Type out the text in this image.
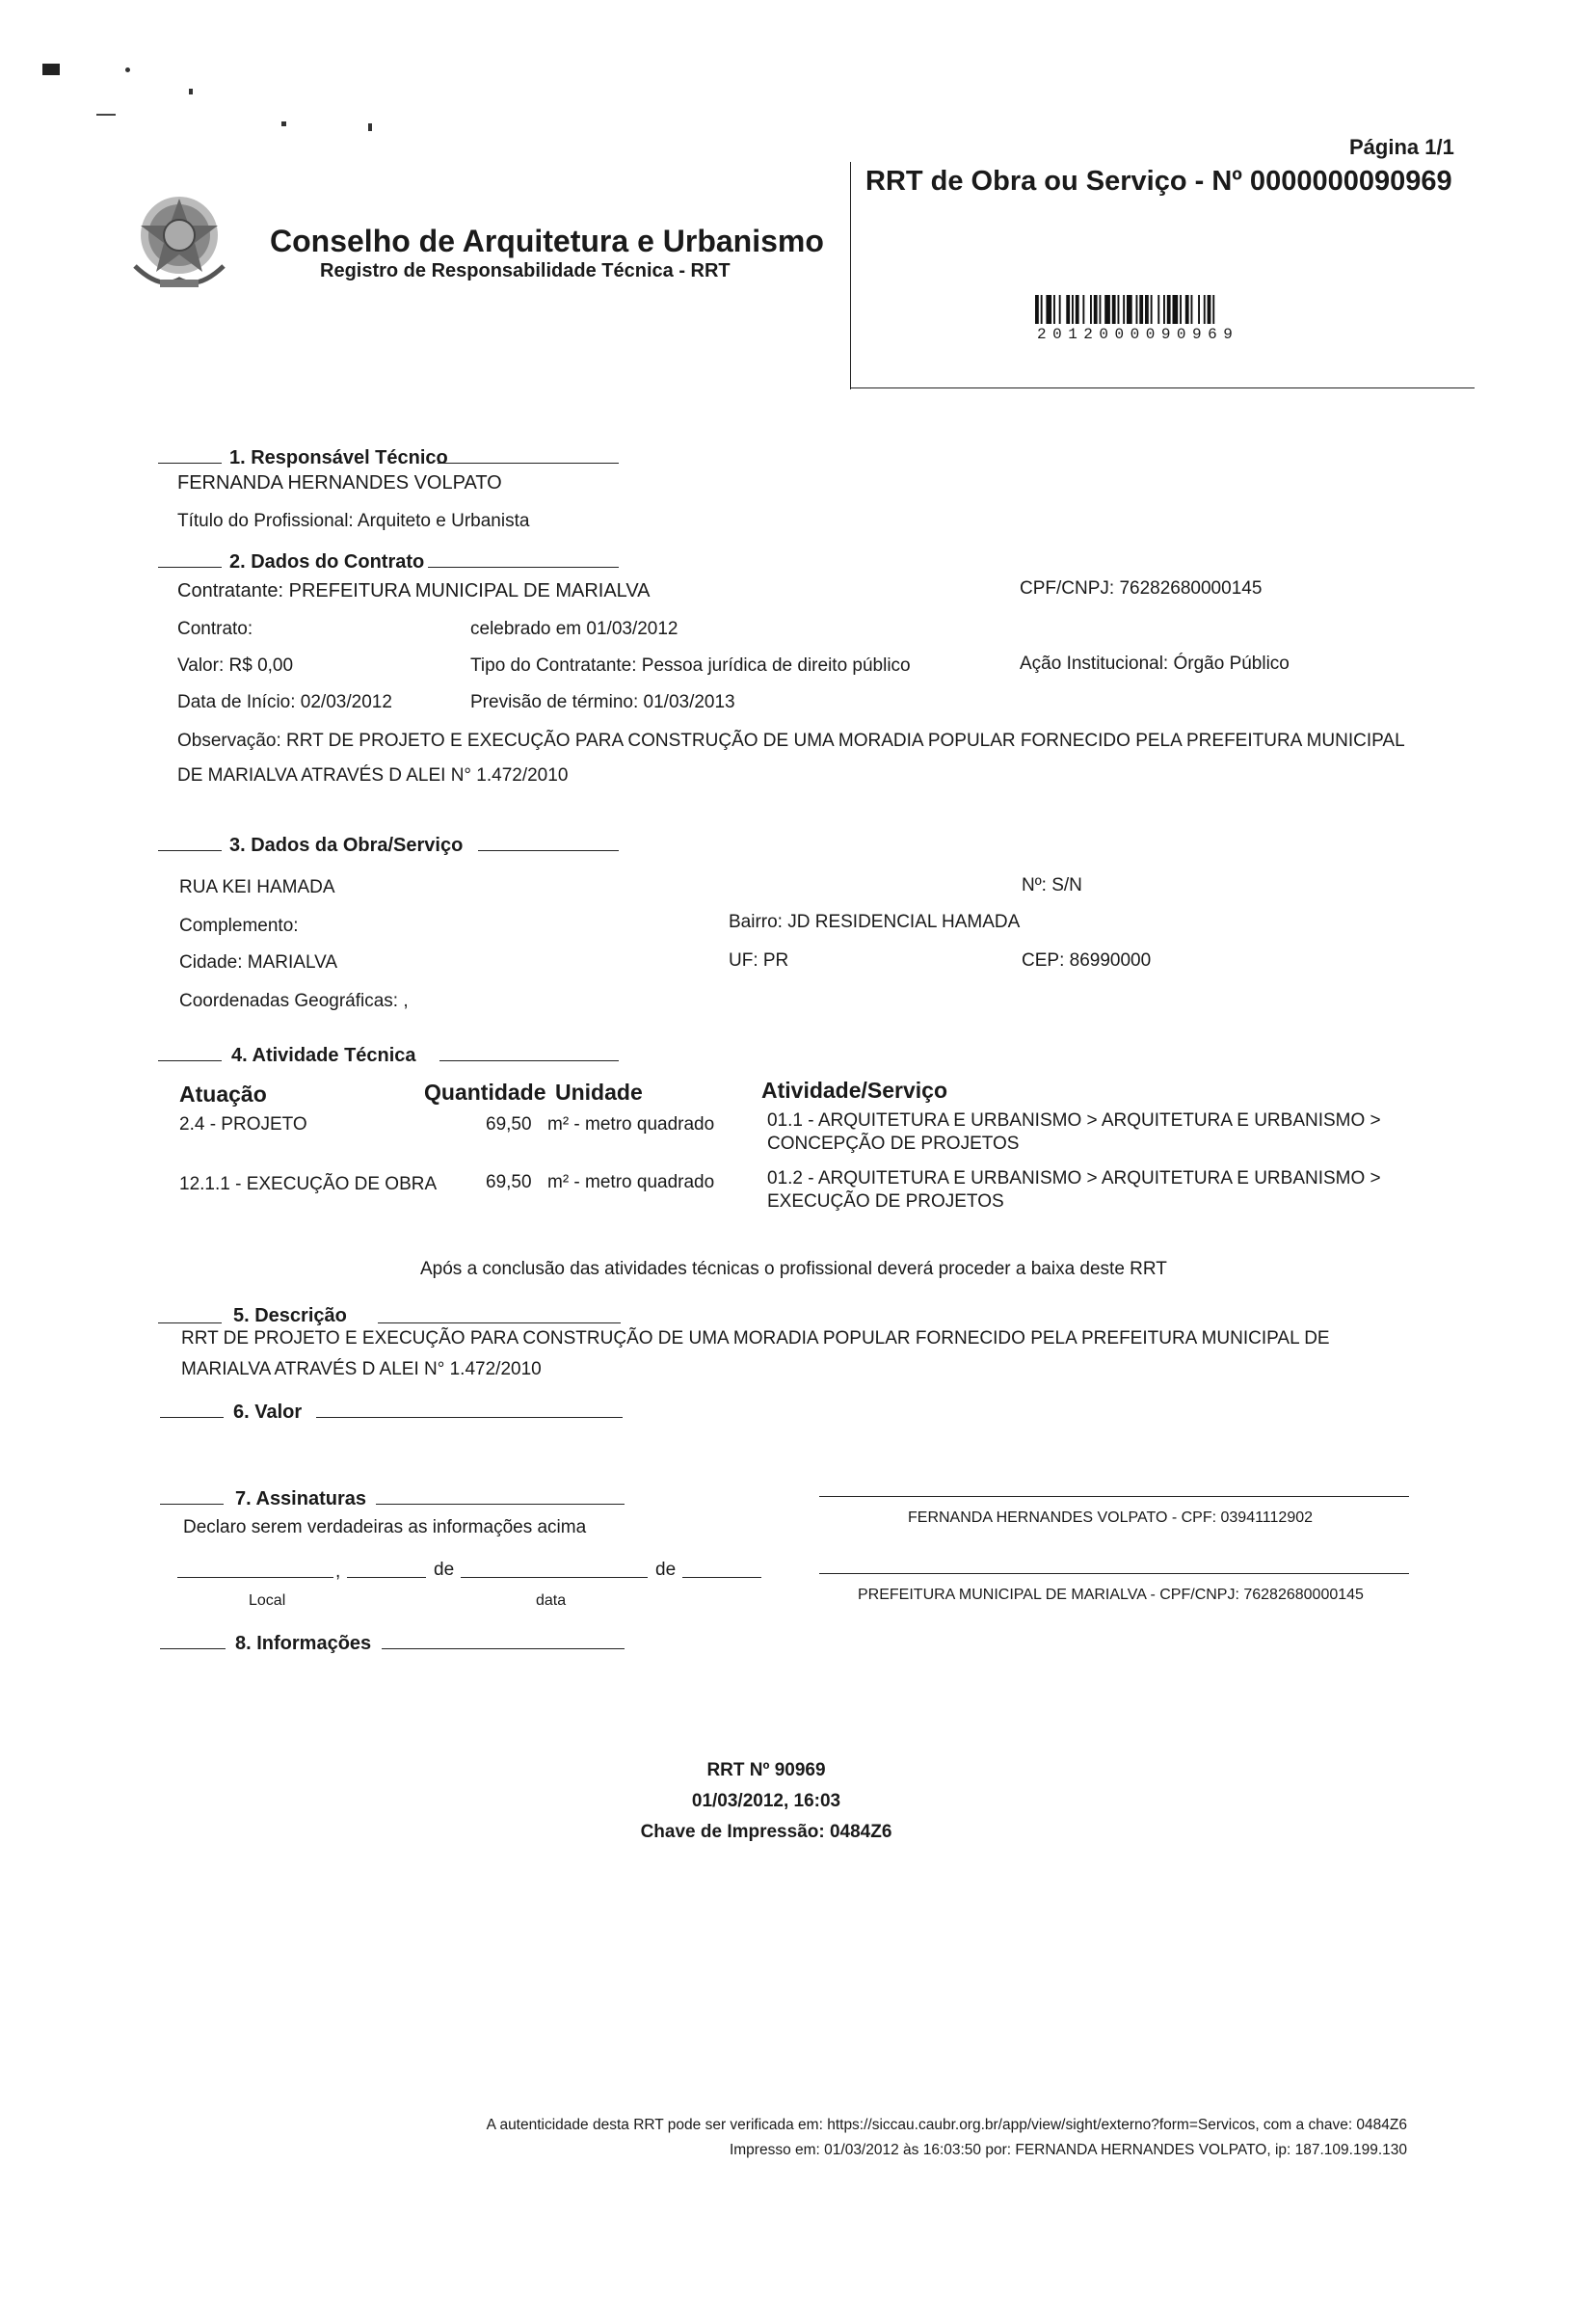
Página 1/1
RRT de Obra ou Serviço - Nº 0000000090969
Conselho de Arquitetura e Urbanismo
Registro de Responsabilidade Técnica - RRT
2012000090969
1. Responsável Técnico
FERNANDA HERNANDES VOLPATO
Título do Profissional: Arquiteto e Urbanista
2. Dados do Contrato
Contratante: PREFEITURA MUNICIPAL DE MARIALVA	CPF/CNPJ: 76282680000145
Contrato:	celebrado em 01/03/2012
Valor: R$ 0,00	Tipo do Contratante: Pessoa jurídica de direito público	Ação Institucional: Órgão Público
Data de Início: 02/03/2012	Previsão de término: 01/03/2013
Observação: RRT DE PROJETO E EXECUÇÃO PARA CONSTRUÇÃO DE UMA MORADIA POPULAR FORNECIDO PELA PREFEITURA MUNICIPAL
DE MARIALVA ATRAVÉS D ALEI N° 1.472/2010
3. Dados da Obra/Serviço
RUA KEI HAMADA	Nº: S/N
Complemento:	Bairro: JD RESIDENCIAL HAMADA
Cidade: MARIALVA	UF: PR	CEP: 86990000
Coordenadas Geográficas: ,
4. Atividade Técnica
Atuação	Quantidade Unidade	Atividade/Serviço
2.4 - PROJETO	69,50 m² - metro quadrado	01.1 - ARQUITETURA E URBANISMO > ARQUITETURA E URBANISMO >
CONCEPÇÃO DE PROJETOS
12.1.1 - EXECUÇÃO DE OBRA	69,50 m² - metro quadrado	01.2 - ARQUITETURA E URBANISMO > ARQUITETURA E URBANISMO >
EXECUÇÃO DE PROJETOS
Após a conclusão das atividades técnicas o profissional deverá proceder a baixa deste RRT
5. Descrição
RRT DE PROJETO E EXECUÇÃO PARA CONSTRUÇÃO DE UMA MORADIA POPULAR FORNECIDO PELA PREFEITURA MUNICIPAL DE
MARIALVA ATRAVÉS D ALEI N° 1.472/2010
6. Valor
7. Assinaturas
Declaro serem verdadeiras as informações acima
,	de	de
Local	data
FERNANDA HERNANDES VOLPATO - CPF: 03941112902
PREFEITURA MUNICIPAL DE MARIALVA - CPF/CNPJ: 76282680000145
8. Informações
RRT Nº 90969
01/03/2012, 16:03
Chave de Impressão: 0484Z6
A autenticidade desta RRT pode ser verificada em: https://siccau.caubr.org.br/app/view/sight/externo?form=Servicos, com a chave: 0484Z6
Impresso em: 01/03/2012 às 16:03:50 por: FERNANDA HERNANDES VOLPATO, ip: 187.109.199.130
